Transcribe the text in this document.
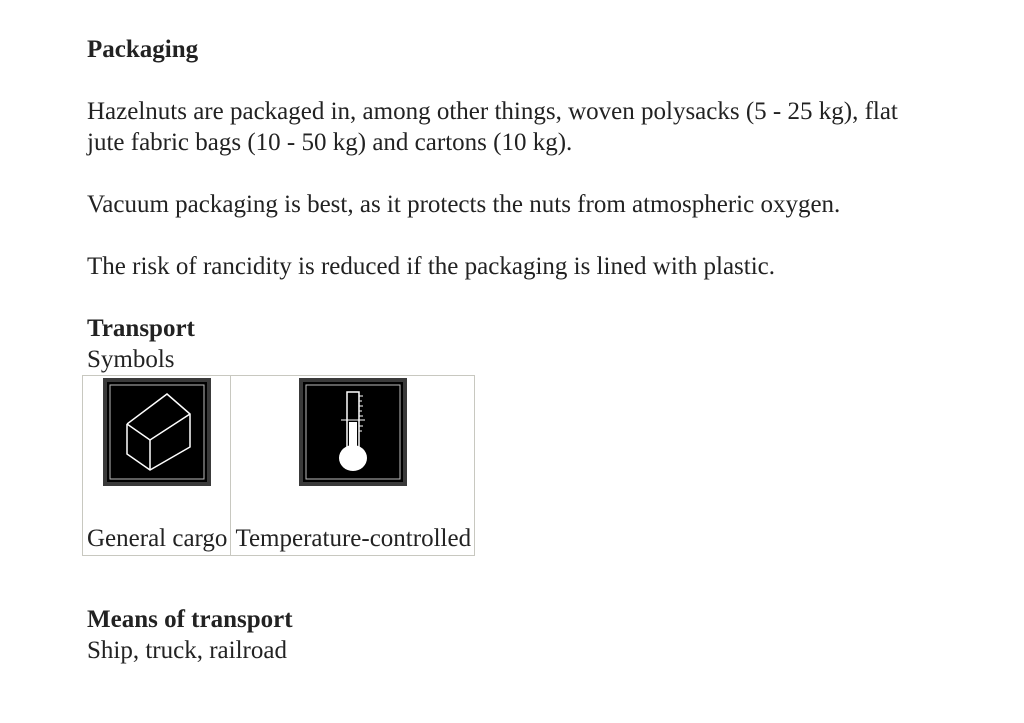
Packaging

Hazelnuts are packaged in, among other things, woven polysacks (5 - 25 kg), flat jute fabric bags (10 - 50 kg) and cartons (10 kg).

Vacuum packaging is best, as it protects the nuts from atmospheric oxygen.

The risk of rancidity is reduced if the packaging is lined with plastic.

Transport

Symbols

General cargo	Temperature-controlled
Means of transport

Ship, truck, railroad
